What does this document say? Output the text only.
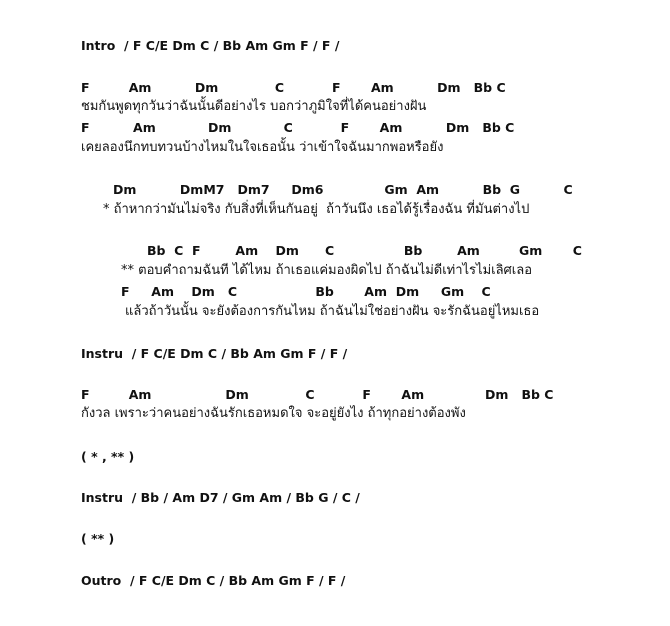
Intro  / F C/E Dm C / Bb Am Gm F / F /
F         Am          Dm             C           F       Am          Dm   Bb C
ชมกันพูดทุกวันว่าฉันนั้นดีอย่างไร บอกว่าภูมิใจที่ได้คนอย่างฝัน
F          Am            Dm            C           F       Am          Dm   Bb C
เคยลองนึกทบทวนบ้างไหมในใจเธอนั้น ว่าเข้าใจฉันมากพอหรือยัง
Dm          DmM7   Dm7     Dm6              Gm  Am          Bb  G          C
* ถ้าหากว่ามันไม่จริง กับสิ่งที่เห็นกันอยู่  ถ้าวันนึง เธอได้รู้เรื่องฉัน ที่มันต่างไป
Bb  C  F        Am    Dm      C                Bb        Am         Gm       C
** ตอบคำถามฉันที ได้ไหม ถ้าเธอแค่มองผิดไป ถ้าฉันไม่ดีเท่าไรไม่เลิศเลอ
F     Am    Dm   C                  Bb       Am  Dm     Gm    C
แล้วถ้าวันนั้น จะยังต้องการกันไหม ถ้าฉันไม่ใช่อย่างฝัน จะรักฉันอยู่ไหมเธอ
Instru  / F C/E Dm C / Bb Am Gm F / F /
F         Am                 Dm             C           F       Am              Dm   Bb C
กังวล เพราะว่าคนอย่างฉันรักเธอหมดใจ จะอยู่ยังไง ถ้าทุกอย่างต้องพัง
( * , ** )
Instru  / Bb / Am D7 / Gm Am / Bb G / C /
( ** )
Outro  / F C/E Dm C / Bb Am Gm F / F /
